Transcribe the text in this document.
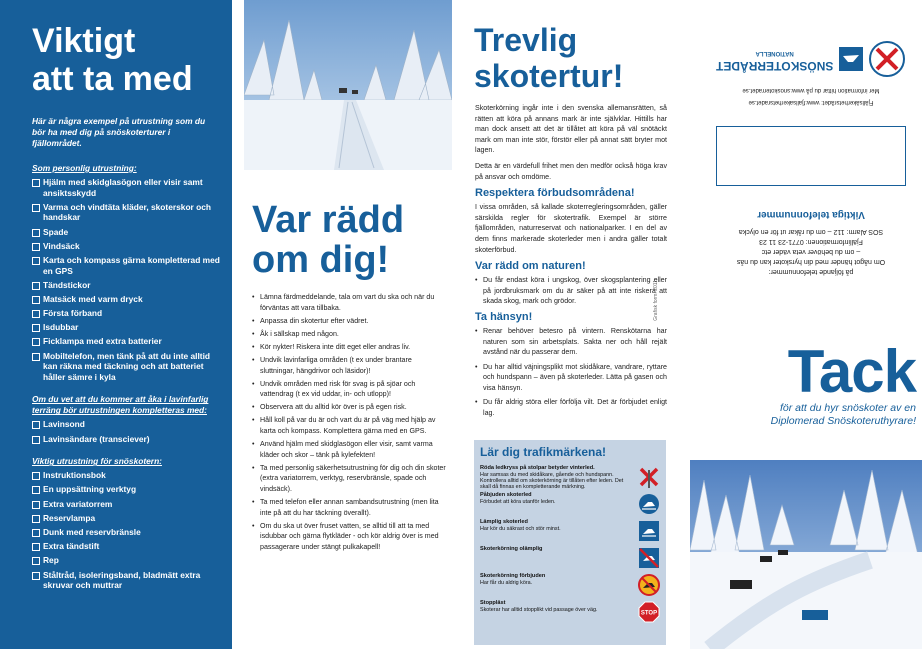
Viktigt
att ta med
Här är några exempel på utrustning som du bör ha med dig på snöskoterturer i fjällområdet.
Som personlig utrustning:
Hjälm med skidglasögon eller visir samt ansiktsskydd
Varma och vindtäta kläder, skoterskor och handskar
Spade
Vindsäck
Karta och kompass gärna kompletterad med en GPS
Tändstickor
Matsäck med varm dryck
Första förband
Isdubbar
Ficklampa med extra batterier
Mobiltelefon, men tänk på att du inte alltid kan räkna med täckning och att batteriet håller sämre i kyla
Om du vet att du kommer att åka i lavinfarlig terräng bör utrustningen kompletteras med:
Lavinsond
Lavinsändare (transciever)
Viktig utrustning för snöskotern:
Instruktionsbok
En uppsättning verktyg
Extra variatorrem
Reservlampa
Dunk med reservbränsle
Extra tändstift
Rep
Ståltråd, isoleringsband, bladmätt extra skruvar och muttrar
Var rädd
om dig!
• Lämna färdmeddelande, tala om vart du ska och när du förväntas att vara tillbaka.
• Anpassa din skotertur efter vädret.
• Åk i sällskap med någon.
• Kör nykter! Riskera inte ditt eget eller andras liv.
• Undvik lavinfarliga områden (t ex under brantare sluttningar, hängdrivor och läsidor)!
• Undvik områden med risk för svag is på sjöar och vattendrag (t ex vid uddar, in- och utlopp)!
• Observera att du alltid kör över is på egen risk.
• Håll koll på var du är och vart du är på väg med hjälp av karta och kompass. Komplettera gärna med en GPS.
• Använd hjälm med skidglasögon eller visir, samt varma kläder och skor – tänk på kylefekten!
• Ta med personlig säkerhetsutrustning för dig och din skoter (extra variatorrem, verktyg, reservbränsle, spade och vindsäck).
• Ta med telefon eller annan sambandsutrustning (men lita inte på att du har täckning överallt).
• Om du ska ut över fruset vatten, se alltid till att ta med isdubbar och gärna flytkläder - och kör aldrig över is med passagerare under stängt pulkakapell!
Trevlig
skotertur!

Skoterkörning ingår inte i den svenska allemansrätten, så rätten att köra på annans mark är inte självklar. Hittills har man dock ansett att det är tillåtet att köra på väl snötäckt mark om man inte stör, förstör eller på annat sätt bryter mot lagen.

Detta är en värdefull frihet men den medför också höga krav på ansvar och omdöme.

Respektera förbudsområdena!

I vissa områden, så kallade skoterregleringsområden, gäller särskilda regler för skotertrafik. Exempel är större fjällområden, naturreservat och nationalparker. I en del av dem finns markerade skoterleder men i andra gäller totalt skoterförbud.

Var rädd om naturen!
• Du får endast köra i ungskog, över skogsplantering eller på jordbruksmark om du är säker på att inte riskera att skada skog, mark och grödor.
Ta hänsyn!
• Renar behöver betesro på vintern. Renskötarna har naturen som sin arbetsplats. Sakta ner och håll rejält avstånd när du passerar dem.
• Du har alltid väjningsplikt mot skidåkare, vandrare, ryttare och hundspann – även på skoterleder. Lätta på gasen och visa hänsyn.
• Du får aldrig störa eller förfölja vilt. Det är förbjudet enligt lag.
Lär dig trafikmärkena!
Röda ledkryss på stolpar betyder vinterled.
Har samsas du med skidåkare, gående och hundspann. Kontrollera alltid om skoterkörning är tillåten efter leden. Det skall då finnas en kompletterande märkning.
Påbjuden skoterled
Förbudet att köra utanför leden.
Lämplig skoterled
Har kör du säkrast och stör minst.
Skoterkörning olämplig
Skoterkörning förbjuden
Har får du aldrig köra.
Stoppläst
Skoterar har alltid stopplikt vid passage över väg.
STOP
Grafisk form: 2011
Fjällsäkerhetsrådet: www.fjallsakerhetsradet.se
Mer information hittar du på www.snoskoterradet.se
SNÖSKOTERRÅDET
NATIONELLA
på följande telefonnummer:
Om något händer med din hyrskoter kan du nås
– om du behöver veta väder etc
Fjällinformationen: 0771-23 11 23
SOS Alarm: 112 – om du råkar ut för en olycka
Viktiga telefonnummer
Tack
för att du hyr snöskoter av en
Diplomerad Snöskoteruthyrare!
